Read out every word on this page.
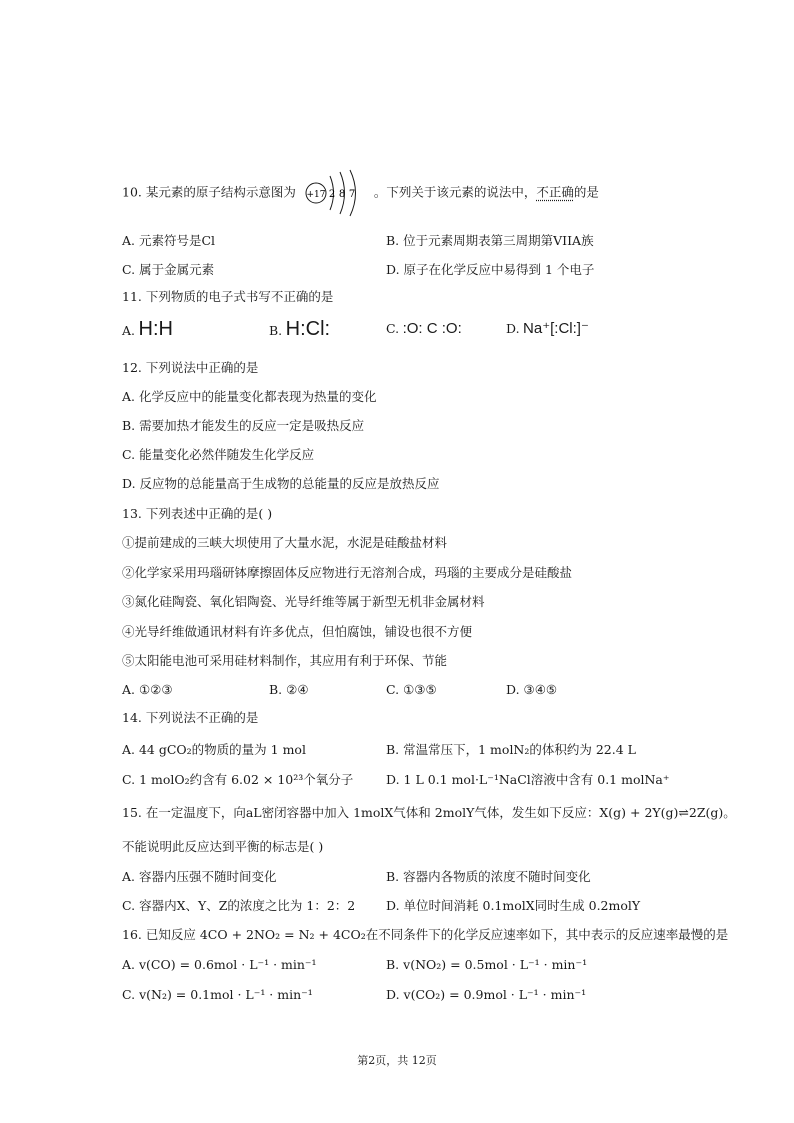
10. 某元素的原子结构示意图为 +17 2 8 7 。下列关于该元素的说法中，不正确的是
A. 元素符号是Cl	B. 位于元素周期表第三周期第VIIA族
C. 属于金属元素	D. 原子在化学反应中易得到 1 个电子
11. 下列物质的电子式书写不正确的是
A. H:H	B. H:Cl:	C. :O: C :O:	D. Na⁺[:Cl:]⁻
12. 下列说法中正确的是
A. 化学反应中的能量变化都表现为热量的变化
B. 需要加热才能发生的反应一定是吸热反应
C. 能量变化必然伴随发生化学反应
D. 反应物的总能量高于生成物的总能量的反应是放热反应
13. 下列表述中正确的是( )
①提前建成的三峡大坝使用了大量水泥，水泥是硅酸盐材料
②化学家采用玛瑙研钵摩擦固体反应物进行无溶剂合成，玛瑙的主要成分是硅酸盐
③氮化硅陶瓷、氧化铝陶瓷、光导纤维等属于新型无机非金属材料
④光导纤维做通讯材料有许多优点，但怕腐蚀，铺设也很不方便
⑤太阳能电池可采用硅材料制作，其应用有利于环保、节能
A. ①②③	B. ②④	C. ①③⑤	D. ③④⑤
14. 下列说法不正确的是
A. 44 gCO₂的物质的量为 1 mol	B. 常温常压下，1 molN₂的体积约为 22.4 L
C. 1 molO₂约含有 6.02 × 10²³个氧分子	D. 1 L 0.1 mol·L⁻¹NaCl溶液中含有 0.1 molNa⁺
15. 在一定温度下，向aL密闭容器中加入 1molX气体和 2molY气体，发生如下反应：X(g) + 2Y(g)⇌2Z(g)。
不能说明此反应达到平衡的标志是( )
A. 容器内压强不随时间变化	B. 容器内各物质的浓度不随时间变化
C. 容器内X、Y、Z的浓度之比为 1：2：2 D. 单位时间消耗 0.1molX同时生成 0.2molY
16. 已知反应 4CO + 2NO₂ = N₂ + 4CO₂在不同条件下的化学反应速率如下，其中表示的反应速率最慢的是
A. v(CO) = 0.6mol · L⁻¹ · min⁻¹	B. v(NO₂) = 0.5mol · L⁻¹ · min⁻¹
C. v(N₂) = 0.1mol · L⁻¹ · min⁻¹	D. v(CO₂) = 0.9mol · L⁻¹ · min⁻¹
第2页，共 12页
